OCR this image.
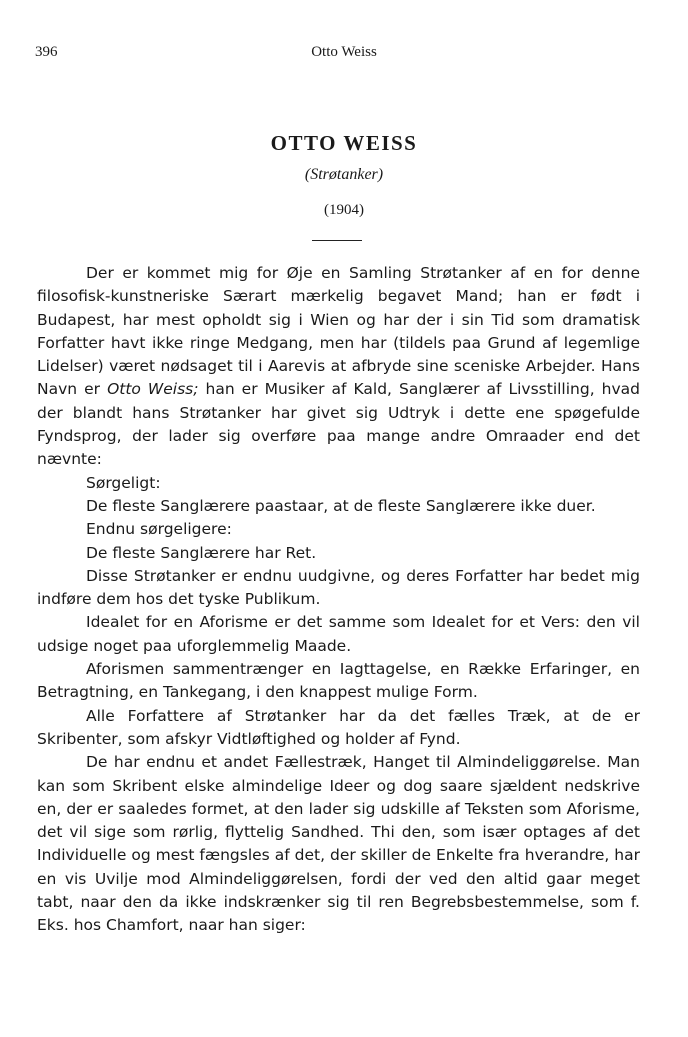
396	Otto Weiss
OTTO WEISS
(Strøtanker)
(1904)

Der er kommet mig for Øje en Samling Strøtanker af en for denne filosofisk-kunstneriske Særart mærkelig begavet Mand; han er født i Budapest, har mest opholdt sig i Wien og har der i sin Tid som dramatisk Forfatter havt ikke ringe Medgang, men har (tildels paa Grund af legemlige Lidelser) været nødsaget til i Aarevis at afbryde sine sceniske Arbejder. Hans Navn er Otto Weiss; han er Musiker af Kald, Sanglærer af Livsstilling, hvad der blandt hans Strøtanker har givet sig Udtryk i dette ene spøgefulde Fyndsprog, der lader sig overføre paa mange andre Omraader end det nævnte:

Sørgeligt:

De fleste Sanglærere paastaar, at de fleste Sanglærere ikke duer.

Endnu sørgeligere:

De fleste Sanglærere har Ret.

Disse Strøtanker er endnu uudgivne, og deres Forfatter har bedet mig indføre dem hos det tyske Publikum.

Idealet for en Aforisme er det samme som Idealet for et Vers: den vil udsige noget paa uforglemmelig Maade.

Aforismen sammentrænger en Iagttagelse, en Række Erfaringer, en Betragtning, en Tankegang, i den knappest mulige Form.

Alle Forfattere af Strøtanker har da det fælles Træk, at de er Skribenter, som afskyr Vidtløftighed og holder af Fynd.

De har endnu et andet Fællestræk, Hanget til Almindeliggørelse. Man kan som Skribent elske almindelige Ideer og dog saare sjældent nedskrive en, der er saaledes formet, at den lader sig udskille af Teksten som Aforisme, det vil sige som rørlig, flyttelig Sandhed. Thi den, som især optages af det Individuelle og mest fængsles af det, der skiller de Enkelte fra hverandre, har en vis Uvilje mod Almindeliggørelsen, fordi der ved den altid gaar meget tabt, naar den da ikke indskrænker sig til ren Begrebsbestemmelse, som f. Eks. hos Chamfort, naar han siger:
